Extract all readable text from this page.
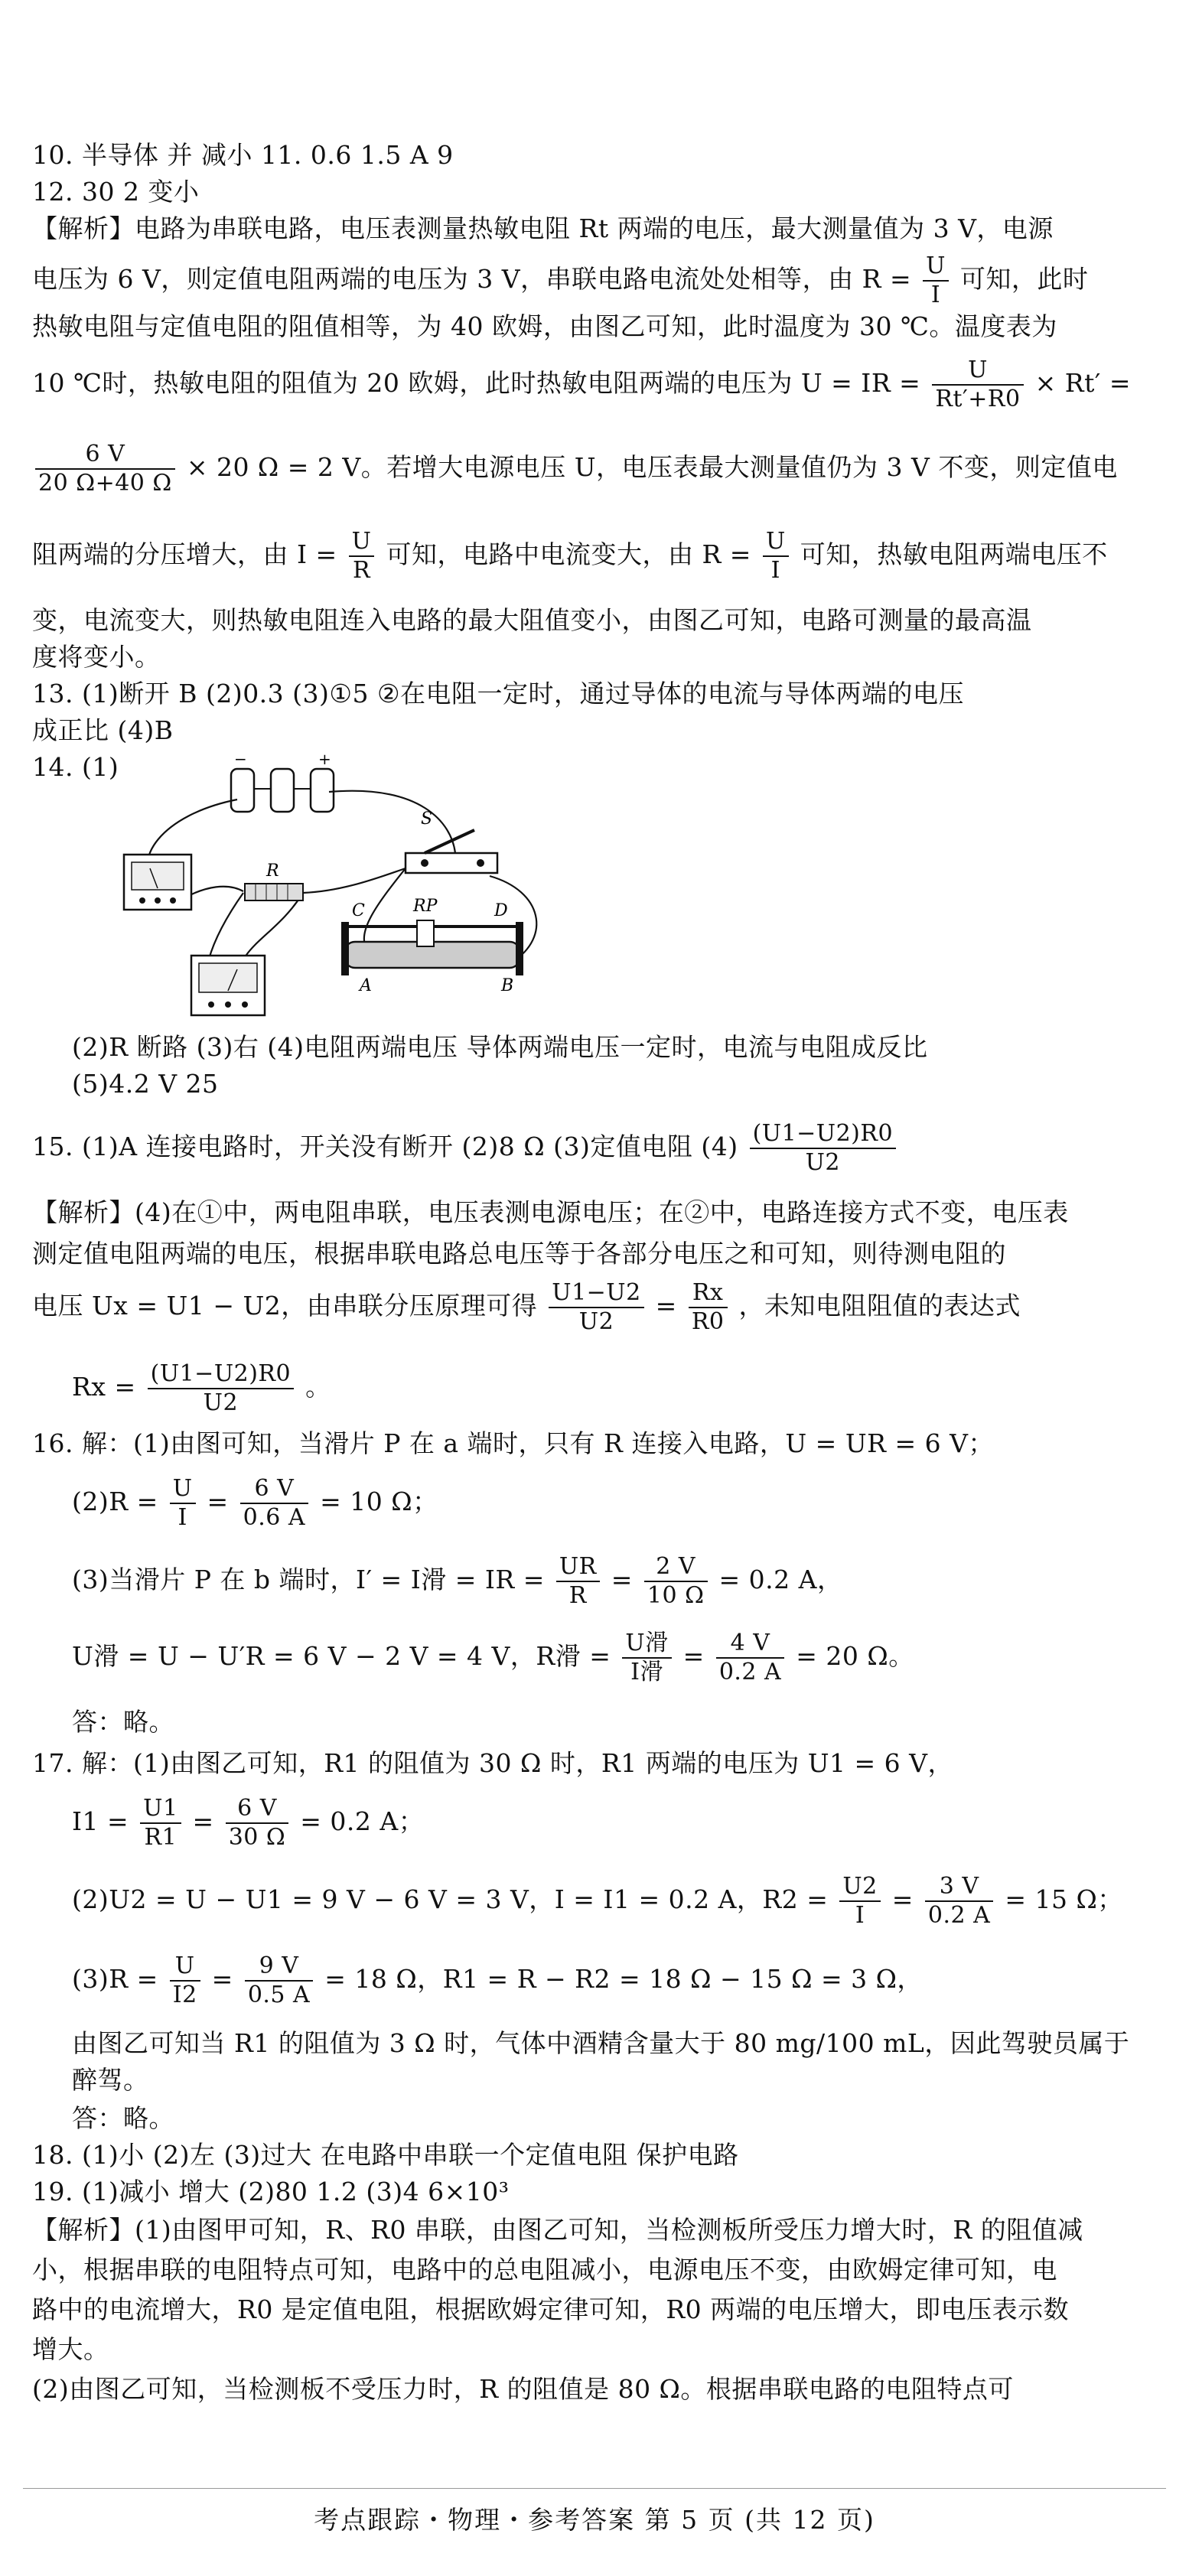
10. 半导体 并 减小 11. 0.6 1.5 A 9
12. 30 2 变小
【解析】电路为串联电路，电压表测量热敏电阻 Rt 两端的电压，最大测量值为 3 V，电源
电压为 6 V，则定值电阻两端的电压为 3 V，串联电路电流处处相等，由 $R = \frac{U}{I}$ 可知，此时
热敏电阻与定值电阻的阻值相等，为 40 欧姆，由图乙可知，此时温度为 30 ℃。温度表为
10 ℃时，热敏电阻的阻值为 20 欧姆，此时热敏电阻两端的电压为 U = IR = $\frac{U}{Rt'+R0} \times Rt'$ =
$\frac{6 V}{20 \Omega+40 \Omega} \times 20$ Ω = 2 V。若增大电源电压 U，电压表最大测量值仍为 3 V 不变，则定值电
阻两端的分压增大，由 $I = \frac{U}{R}$ 可知，电路中电流变大，由 $R = \frac{U}{I}$ 可知，热敏电阻两端电压不
变，电流变大，则热敏电阻连入电路的最大阻值变小，由图乙可知，电路可测量的最高温
度将变小。
13. (1)断开 B (2)0.3 (3)①5 ②在电阻一定时，通过导体的电流与导体两端的电压
成正比 (4)B
14. (1)	−	+
R
S
C	D
RP
A	B
(2)R 断路 (3)右 (4)电阻两端电压 导体两端电压一定时，电流与电阻成反比
(5)4.2 V 25
15. (1)A 连接电路时，开关没有断开 (2)8 Ω (3)定值电阻 $(4) \frac{(U1-U2)R0}{U2}$
【解析】(4)在①中，两电阻串联，电压表测电源电压；在②中，电路连接方式不变，电压表
测定值电阻两端的电压，根据串联电路总电压等于各部分电压之和可知，则待测电阻的
电压 Ux = U1 − U2，由串联分压原理可得 $\frac{U1-U2}{U2} = \frac{Rx}{R0}$ ，未知电阻阻值的表达式
$Rx = \frac{(U1-U2)R0}{U2}$ 。
16. 解：(1)由图可知，当滑片 P 在 a 端时，只有 R 连接入电路，U = UR = 6 V；
$(2)R = \frac{U}{I} = \frac{6 V}{0.6 A} = 10$ Ω；
(3)当滑片 P 在 b 端时，I′ = I滑 = IR = $\frac{UR}{R} = \frac{2 V}{10 \Omega} = 0.2$ A，
U滑 = U − U′R = 6 V − 2 V = 4 V，R滑 = $\frac{\text{U滑}}{\text{I滑}} = \frac{4 V}{0.2 A} = 20$ Ω。
答：略。
17. 解：(1)由图乙可知，R1 的阻值为 30 Ω 时，R1 两端的电压为 U1 = 6 V，
$I1 = \frac{U1}{R1} = \frac{6 V}{30 \Omega} = 0.2$ A；
(2)U2 = U − U1 = 9 V − 6 V = 3 V，I = I1 = 0.2 A，$R2 = \frac{U2}{I} = \frac{3 V}{0.2 A} = 15$ Ω；
$(3)R = \frac{U}{I2} = \frac{9 V}{0.5 A} = 18$ Ω，R1 = R − R2 = 18 Ω − 15 Ω = 3 Ω，
由图乙可知当 R1 的阻值为 3 Ω 时，气体中酒精含量大于 80 mg/100 mL，因此驾驶员属于
醉驾。
答：略。
18. (1)小 (2)左 (3)过大 在电路中串联一个定值电阻 保护电路
19. (1)减小 增大 (2)80 1.2 (3)4 6×10³
【解析】(1)由图甲可知，R、R0 串联，由图乙可知，当检测板所受压力增大时，R 的阻值减
小，根据串联的电阻特点可知，电路中的总电阻减小，电源电压不变，由欧姆定律可知，电
路中的电流增大，R0 是定值电阻，根据欧姆定律可知，R0 两端的电压增大，即电压表示数
增大。
(2)由图乙可知，当检测板不受压力时，R 的阻值是 80 Ω。根据串联电路的电阻特点可
考点跟踪・物理・参考答案 第 5 页 (共 12 页)
